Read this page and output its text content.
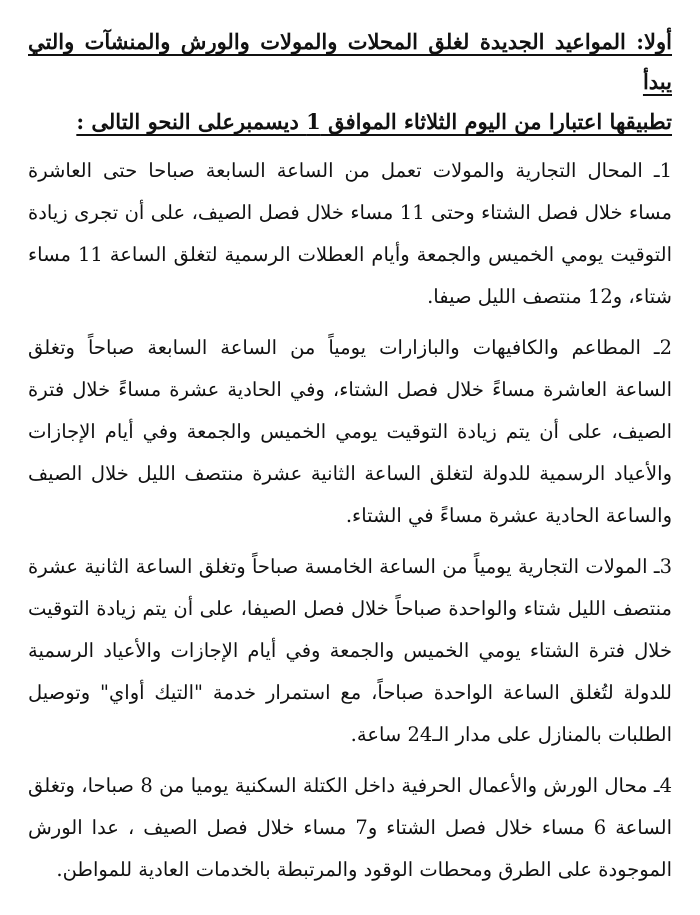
أولا: المواعيد الجديدة لغلق المحلات والمولات والورش والمنشآت والتي يبدأ
تطبيقها اعتبارا من اليوم الثلاثاء الموافق 1 ديسمبرعلى النحو التالى :

1ـ المحال التجارية والمولات تعمل من الساعة السابعة صباحا حتى العاشرة مساء خلال فصل الشتاء وحتى 11 مساء خلال فصل الصيف، على أن تجرى زيادة التوقيت يومي الخميس والجمعة وأيام العطلات الرسمية لتغلق الساعة 11 مساء شتاء، و12 منتصف الليل صيفا.

2ـ المطاعم والكافيهات والبازارات يومياً من الساعة السابعة صباحاً وتغلق الساعة العاشرة مساءً خلال فصل الشتاء، وفي الحادية عشرة مساءً خلال فترة الصيف، على أن يتم زيادة التوقيت يومي الخميس والجمعة وفي أيام الإجازات والأعياد الرسمية للدولة لتغلق الساعة الثانية عشرة منتصف الليل خلال الصيف والساعة الحادية عشرة مساءً في الشتاء.

3ـ المولات التجارية يومياً من الساعة الخامسة صباحاً وتغلق الساعة الثانية عشرة منتصف الليل شتاء والواحدة صباحاً خلال فصل الصيفا، على أن يتم زيادة التوقيت خلال فترة الشتاء يومي الخميس والجمعة وفي أيام الإجازات والأعياد الرسمية للدولة لتُغلق الساعة الواحدة صباحاً، مع استمرار خدمة "التيك أواي" وتوصيل الطلبات بالمنازل على مدار الـ24 ساعة.

4ـ محال الورش والأعمال الحرفية داخل الكتلة السكنية يوميا من 8 صباحا، وتغلق الساعة 6 مساء خلال فصل الشتاء و7 مساء خلال فصل الصيف ، عدا الورش الموجودة على الطرق ومحطات الوقود والمرتبطة بالخدمات العادية للمواطن.
